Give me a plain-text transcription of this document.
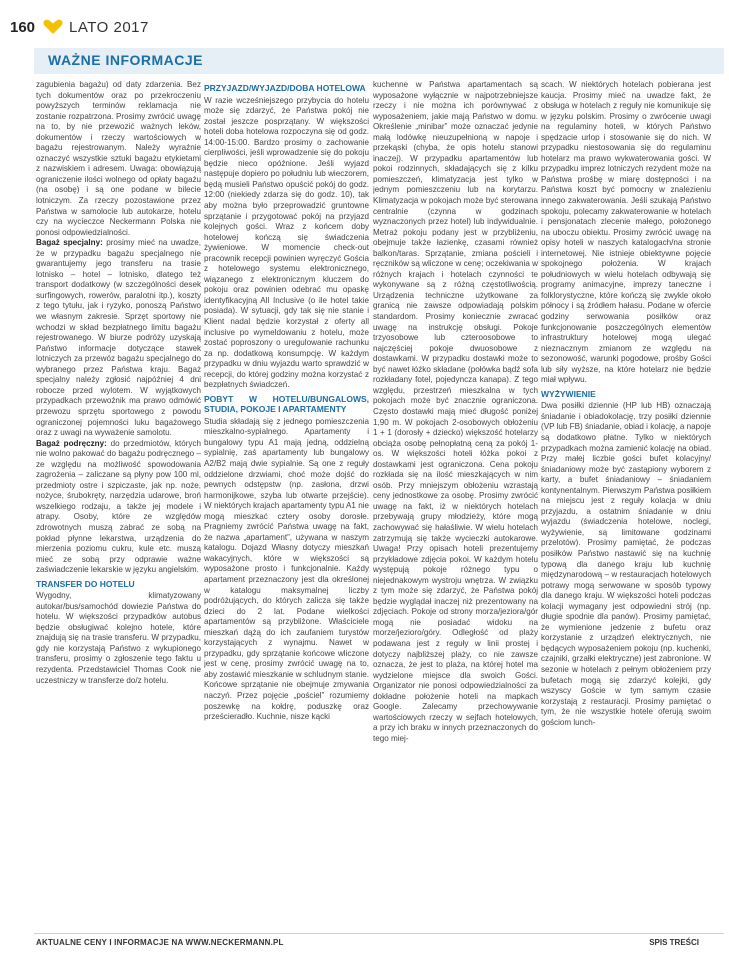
160 LATO 2017
WAŻNE INFORMACJE

zagubienia bagażu) od daty zdarzenia. Bez tych dokumentów oraz po przekroczeniu powyższych terminów reklamacja nie zostanie rozpatrzona. Prosimy zwrócić uwagę na to, by nie przewozić ważnych leków, dokumentów i rzeczy wartościowych w bagażu rejestrowanym. Należy wyraźnie oznaczyć wszystkie sztuki bagażu etykietami z nazwiskiem i adresem. Uwaga: obowiązują ograniczenie ilości wolnego od opłaty bagażu (na osobę) i są one podane w bilecie lotniczym. Za rzeczy pozostawione przez Państwa w samolocie lub autokarze, hotelu czy na wycieczce Neckermann Polska nie ponosi odpowiedzialności.

Bagaż specjalny: prosimy mieć na uwadze, że w przypadku bagażu specjalnego nie gwarantujemy jego transferu na trasie lotnisko – hotel – lotnisko, dlatego też transport dodatkowy (w szczególności desek surfingowych, rowerów, paralotni itp.), koszty z tego tytułu, jak i ryzyko, ponoszą Państwo we własnym zakresie. Sprzęt sportowy nie wchodzi w skład bezpłatnego limitu bagażu rejestrowanego. W biurze podróży uzyskają Państwo informacje dotyczące stawek lotniczych za przewóz bagażu specjalnego do wybranego przez Państwa kraju. Bagaż specjalny należy zgłosić najpóźniej 4 dni robocze przed wylotem. W wyjątkowych przypadkach przewoźnik ma prawo odmówić przewozu sprzętu sportowego z powodu ograniczonej pojemności luku bagażowego oraz z uwagi na wyważenie samolotu.

Bagaż podręczny: do przedmiotów, których nie wolno pakować do bagażu podręcznego – ze względu na możliwość spowodowania zagrożenia – zaliczane są płyny pow 100 ml, przedmioty ostre i szpiczaste, jak np. noże, nożyce, śrubokręty, narzędzia udarowe, broń wszelkiego rodzaju, a także jej modele i atrapy. Osoby, które ze względów zdrowotnych muszą zabrać ze sobą na pokład płynne lekarstwa, urządzenia do mierzenia poziomu cukru, kule etc. muszą mieć ze sobą przy odprawie ważne zaświadczenie lekarskie w języku angielskim.

TRANSFER DO HOTELU

Wygodny, klimatyzowany autokar/bus/samochód dowiezie Państwa do hotelu. W większości przypadków autobus będzie obsługiwać kolejno hotele, które znajdują się na trasie transferu. W przypadku, gdy nie korzystają Państwo z wykupionego transferu, prosimy o zgłoszenie tego faktu u rezydenta. Przedstawiciel Thomas Cook nie uczestniczy w transferze do/z hotelu.

PRZYJAZD/WYJAZD/DOBA HOTELOWA

W razie wcześniejszego przybycia do hotelu może się zdarzyć, że Państwa pokój nie został jeszcze posprzątany. W większości hoteli doba hotelowa rozpoczyna się od godz. 14:00-15:00. Bardzo prosimy o zachowanie cierpliwości, jeśli wprowadzenie się do pokoju będzie nieco opóźnione. Jeśli wyjazd następuje dopiero po południu lub wieczorem, będą musieli Państwo opuścić pokój do godz. 12:00 (niekiedy zdarza się do godz. 10), tak aby można było przeprowadzić gruntowne sprzątanie i przygotować pokój na przyjazd kolejnych gości. Wraz z końcem doby hotelowej kończą się świadczenia żywieniowe. W momencie check-out pracownik recepcji powinien wyręczyć Gościa z hotelowego systemu elektronicznego, wiązanego z elektronicznym kluczem do pokoju oraz powinien odebrać mu opaskę identyfikacyjną All Inclusive (o ile hotel takie posiada). W sytuacji, gdy tak się nie stanie i Klient nadal będzie korzystał z oferty all inclusive po wymeldowaniu z hotelu, może zostać poproszony o uregulowanie rachunku za np. dodatkową konsumpcję. W każdym przypadku w dniu wyjazdu warto sprawdzić w recepcji, do której godziny można korzystać z bezpłatnych świadczeń.

POBYT W HOTELU/BUNGALOWS, STUDIA, POKOJE I APARTAMENTY

Studia składają się z jednego pomieszczenia mieszkalno-sypialnego. Apartamenty i bungalowy typu A1 mają jedną, oddzielną sypialnię, zaś apartamenty lub bungalowy A2/B2 mają dwie sypialnie. Są one z reguły oddzielone drzwiami, choć może dojść do pewnych odstępstw (np. zasłona, drzwi harmonijkowe, szyba lub otwarte przejście). W niektórych krajach apartamenty typu A1 nie mogą mieszkać cztery osoby dorosłe. Pragniemy zwrócić Państwa uwagę na fakt, że nazwa „apartament”, używana w naszym katalogu. Dojazd Własny dotyczy mieszkań wakacyjnych, które w większości są wyposażone prosto i funkcjonalnie. Każdy apartament przeznaczony jest dla określonej w katalogu maksymalnej liczby podróżujących, do których zalicza się także dzieci do 2 lat. Podane wielkości apartamentów są przybliżone. Właściciele mieszkań dążą do ich zaufaniem turystów korzystających z wynajmu. Nawet w przypadku, gdy sprzątanie końcowe wliczone jest w cenę, prosimy zwrócić uwagę na to, aby zostawić mieszkanie w schludnym stanie. Końcowe sprzątanie nie obejmuje zmywania naczyń. Przez pojęcie „pościel” rozumiemy poszewkę na kołdrę, poduszkę oraz prześcieradło. Kuchnie, nisze kącki

kuchenne w Państwa apartamentach są wyposażone wyłącznie w najpotrzebniejsze rzeczy i nie można ich porównywać z wyposażeniem, jakie mają Państwo w domu. Określenie „minibar” może oznaczać jedynie małą lodówkę nieuzupełnioną w napoje i przekąski (chyba, że opis hotelu stanowi inaczej). W przypadku apartamentów lub pokoi rodzinnych, składających się z kilku pomieszczeń, klimatyzacja jest tylko w jednym pomieszczeniu lub na korytarzu. Klimatyzacja w pokojach może być sterowana centralnie (czynna w godzinach wyznaczonych przez hotel) lub indywidualnie. Metraż pokoju podany jest w przybliżeniu, obejmuje także łazienkę, czasami również balkon/taras. Sprzątanie, zmiana pościeli i ręczników są wliczone w cenę; oczekiwania w różnych krajach i hotelach czynności te wykonywane są z różną częstotliwością. Urządzenia techniczne użytkowane za granicą nie zawsze odpowiadają polskim standardom. Prosimy koniecznie zwracać uwagę na instrukcję obsługi. Pokoje trzyosobowe lub czteroosobowe to najczęściej pokoje dwuosobowe z dostawkami. W przypadku dostawki może to być nawet łóżko składane (połówka bądź sofa rozkładany fotel, pojedyncza kanapa). Z tego względu, przestrzeń mieszkalna w tych pokojach może być znacznie ograniczona. Często dostawki mają mieć długość poniżej 1,90 m. W pokojach 2-osobowych obłożeniu 1 + 1 (dorosły + dziecko) większość hotelarzy obciąża osobę pełnopłatną ceną za pokój 1-os. W większości hoteli łóżka pokoi z dostawkami jest ograniczona. Cena pokoju rozkłada się na ilość mieszkających w nim osób. Przy mniejszym obłożeniu wzrastają ceny jednostkowe za osobę. Prosimy zwrócić uwagę na fakt, iż w niektórych hotelach przebywają grupy młodzieży, które mogą zachowywać się hałaśliwie. W wielu hotelach zatrzymują się także wycieczki autokarowe. Uwaga! Przy opisach hoteli prezentujemy przykładowe zdjęcia pokoi. W każdym hotelu występują pokoje różnego typu o niejednakowym wystroju wnętrza. W związku z tym może się zdarzyć, że Państwa pokój będzie wyglądał inaczej niż prezentowany na zdjęciach. Pokoje od strony morza/jeziora/gór mogą nie posiadać widoku na morze/jezioro/góry. Odległość od plaży podawana jest z reguły w linii prostej i dotyczy najbliższej plaży, co nie zawsze oznacza, że jest to plaża, na której hotel ma wydzielone miejsce dla swoich Gości. Organizator nie ponosi odpowiedzialności za dokładne położenie hoteli na mapkach Google. Zalecamy przechowywanie wartościowych rzeczy w sejfach hotelowych, a przy ich braku w innych przeznaczonych do tego miej-

scach. W niektórych hotelach pobierana jest kaucja. Prosimy mieć na uwadze fakt, że obsługa w hotelach z reguły nie komunikuje się w języku polskim. Prosimy o zwrócenie uwagi na regulaminy hoteli, w których Państwo spędzacie urlop i stosowanie się do nich. W przypadku niestosowania się do regulaminu hotelarz ma prawo wykwaterowania gości. W przypadku imprez lotniczych rezydent może na Państwa prośbę w miarę dostępności i na Państwa koszt być pomocny w znalezieniu innego zakwaterowania. Jeśli szukają Państwo spokoju, polecamy zakwaterowanie w hotelach i pensjonatach zlecenie małego, położonego na uboczu obiektu. Prosimy zwrócić uwagę na opisy hoteli w naszych katalogach/na stronie internetowej. Nie istnieje obiektywne pojęcie spokojnego położenia. W krajach południowych w wielu hotelach odbywają się programy animacyjne, imprezy taneczne i folklorystyczne, które kończą się zwykle około północy i są źródłem hałasu. Podane w ofercie godziny serwowania posiłków oraz funkcjonowanie poszczególnych elementów infrastruktury hotelowej mogą ulegać nieznacznym zmianom ze względu na sezonowość, warunki pogodowe, prośby Gości lub siły wyższe, na które hotelarz nie będzie miał wpływu.

WYŻYWIENIE

Dwa posiłki dziennie (HP lub HB) oznaczają śniadanie i obiadokolację, trzy posiłki dziennie (VP lub FB) śniadanie, obiad i kolację, a napoje są dodatkowo płatne. Tylko w niektórych przypadkach można zamienić kolację na obiad. Przy małej liczbie gości bufet kolacyjny/śniadaniowy może być zastąpiony wyborem z karty, a bufet śniadaniowy – śniadaniem kontynentalnym. Pierwszym Państwa posiłkiem na miejscu jest z reguły kolacja w dniu przyjazdu, a ostatnim śniadanie w dniu wyjazdu (świadczenia hotelowe, noclegi, wyżywienie, są limitowane godzinami przelotów). Prosimy pamiętać, że podczas posiłków Państwo nastawić się na kuchnię typową dla danego kraju lub kuchnię międzynarodową – w restauracjach hotelowych potrawy mogą serwowane w sposób typowy dla danego kraju. W większości hoteli podczas kolacji wymagany jest odpowiedni strój (np. długie spodnie dla panów). Prosimy pamiętać, że wymienione jedzenie z bufetu oraz korzystanie z urządzeń elektrycznych, nie będących wyposażeniem pokoju (np. kuchenki, czajniki, grzałki elektryczne) jest zabronione. W sezonie w hotelach z pełnym obłożeniem przy bufetach mogą się zdarzyć kolejki, gdy wszyscy Goście w tym samym czasie korzystają z restauracji. Prosimy pamiętać o tym, że nie wszystkie hotele oferują swoim gościom lunch-

AKTUALNE CENY I INFORMACJE NA WWW.NECKERMANN.PL	SPIS TREŚCI
